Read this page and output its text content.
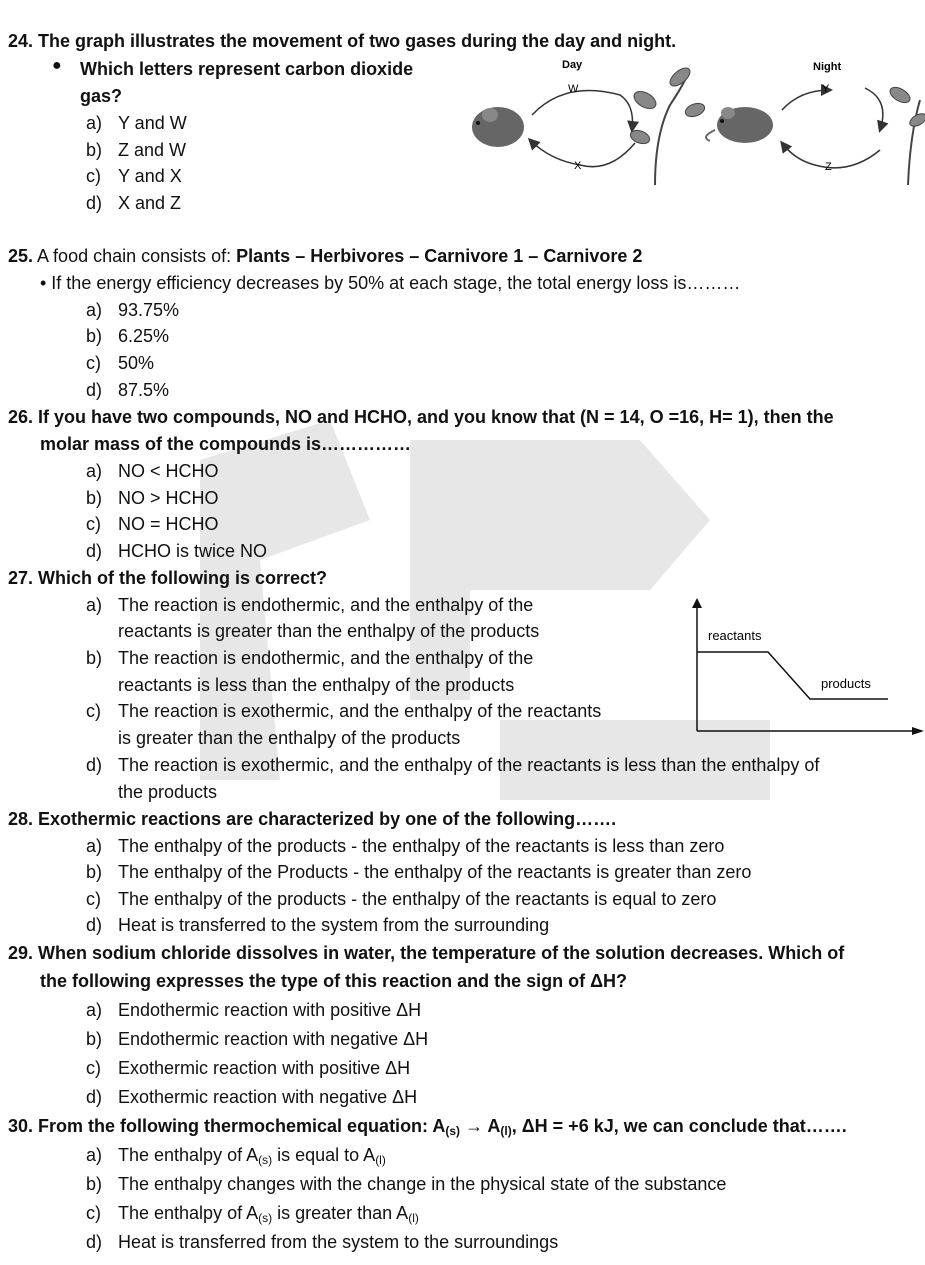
24. The graph illustrates the movement of two gases during the day and night.
● Which letters represent carbon dioxide
gas?
a) Y and W
b) Z and W
c) Y and X
d) X and Z
Day	Night
W
X
Y
Z
25. A food chain consists of: Plants – Herbivores – Carnivore 1 – Carnivore 2
• If the energy efficiency decreases by 50% at each stage, the total energy loss is………
a) 93.75%
b) 6.25%
c) 50%
d) 87.5%
26. If you have two compounds, NO and HCHO, and you know that (N = 14, O =16, H= 1), then the
molar mass of the compounds is……………
a) NO < HCHO
b) NO > HCHO
c) NO = HCHO
d) HCHO is twice NO
27. Which of the following is correct?
a) The reaction is endothermic, and the enthalpy of the
reactants is greater than the enthalpy of the products
b) The reaction is endothermic, and the enthalpy of the
reactants is less than the enthalpy of the products
c) The reaction is exothermic, and the enthalpy of the reactants
is greater than the enthalpy of the products
d) The reaction is exothermic, and the enthalpy of the reactants is less than the enthalpy of
the products
reactants
products
28. Exothermic reactions are characterized by one of the following…….
a) The enthalpy of the products - the enthalpy of the reactants is less than zero
b) The enthalpy of the Products - the enthalpy of the reactants is greater than zero
c) The enthalpy of the products - the enthalpy of the reactants is equal to zero
d) Heat is transferred to the system from the surrounding
29. When sodium chloride dissolves in water, the temperature of the solution decreases. Which of
the following expresses the type of this reaction and the sign of ΔH?
a) Endothermic reaction with positive ΔH
b) Endothermic reaction with negative ΔH
c) Exothermic reaction with positive ΔH
d) Exothermic reaction with negative ΔH
30. From the following thermochemical equation: $A_{(s)} \to A_{(l)}$, ΔH = +6 kJ, we can conclude that…….
a) The enthalpy of $A_{(s)}$ is equal to $A_{(l)}$
b) The enthalpy changes with the change in the physical state of the substance
c) The enthalpy of $A_{(s)}$ is greater than $A_{(l)}$
d) Heat is transferred from the system to the surroundings
